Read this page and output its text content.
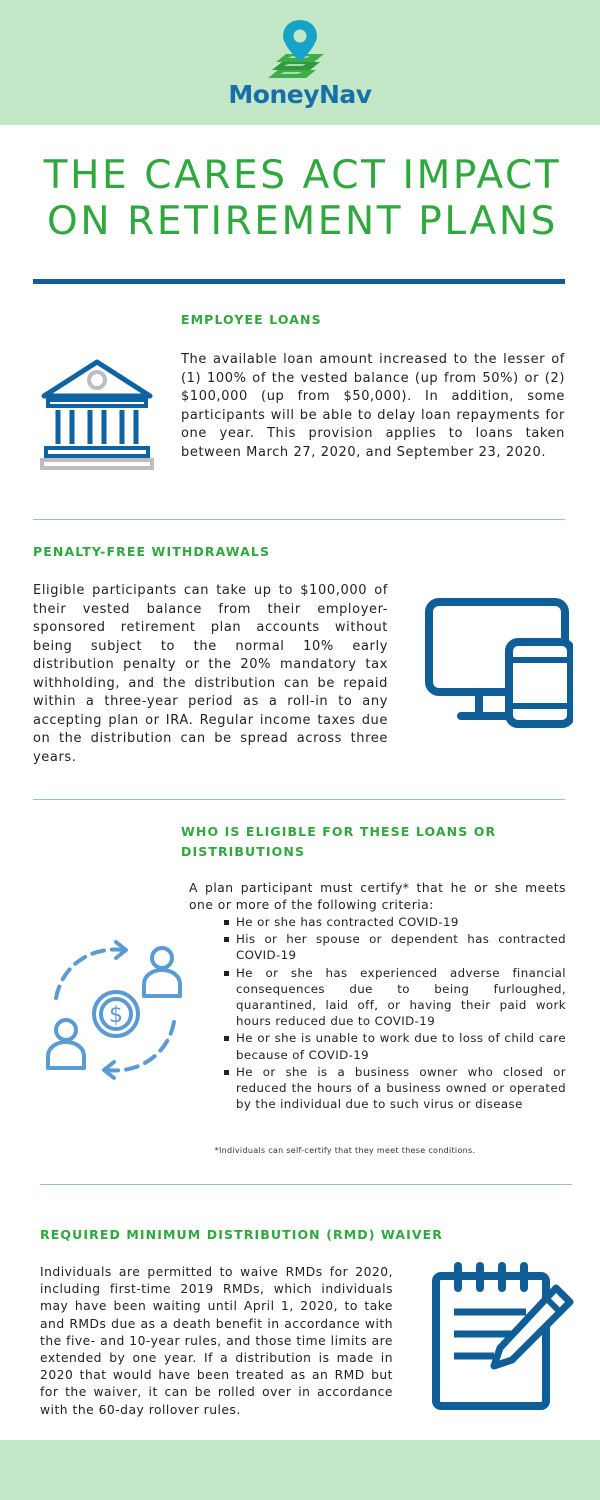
MoneyNav
THE CARES ACT IMPACT
ON RETIREMENT PLANS
EMPLOYEE LOANS

The available loan amount increased to the lesser of (1) 100% of the vested balance (up from 50%) or (2) $100,000 (up from $50,000). In addition, some participants will be able to delay loan repayments for one year. This provision applies to loans taken between March 27, 2020, and September 23, 2020.

PENALTY-FREE WITHDRAWALS

Eligible participants can take up to $100,000 of their vested balance from their employer-sponsored retirement plan accounts without being subject to the normal 10% early distribution penalty or the 20% mandatory tax withholding, and the distribution can be repaid within a three-year period as a roll-in to any accepting plan or IRA. Regular income taxes due on the distribution can be spread across three years.

WHO IS ELIGIBLE FOR THESE LOANS OR
DISTRIBUTIONS

A plan participant must certify* that he or she meets one or more of the following criteria:

He or she has contracted COVID-19
His or her spouse or dependent has contracted COVID-19
He or she has experienced adverse financial consequences due to being furloughed, quarantined, laid off, or having their paid work hours reduced due to COVID-19
He or she is unable to work due to loss of child care because of COVID-19
He or she is a business owner who closed or reduced the hours of a business owned or operated by the individual due to such virus or disease
$
*Individuals can self-certify that they meet these conditions.
REQUIRED MINIMUM DISTRIBUTION (RMD) WAIVER

Individuals are permitted to waive RMDs for 2020, including first-time 2019 RMDs, which individuals may have been waiting until April 1, 2020, to take and RMDs due as a death benefit in accordance with the five- and 10-year rules, and those time limits are extended by one year. If a distribution is made in 2020 that would have been treated as an RMD but for the waiver, it can be rolled over in accordance with the 60-day rollover rules.
